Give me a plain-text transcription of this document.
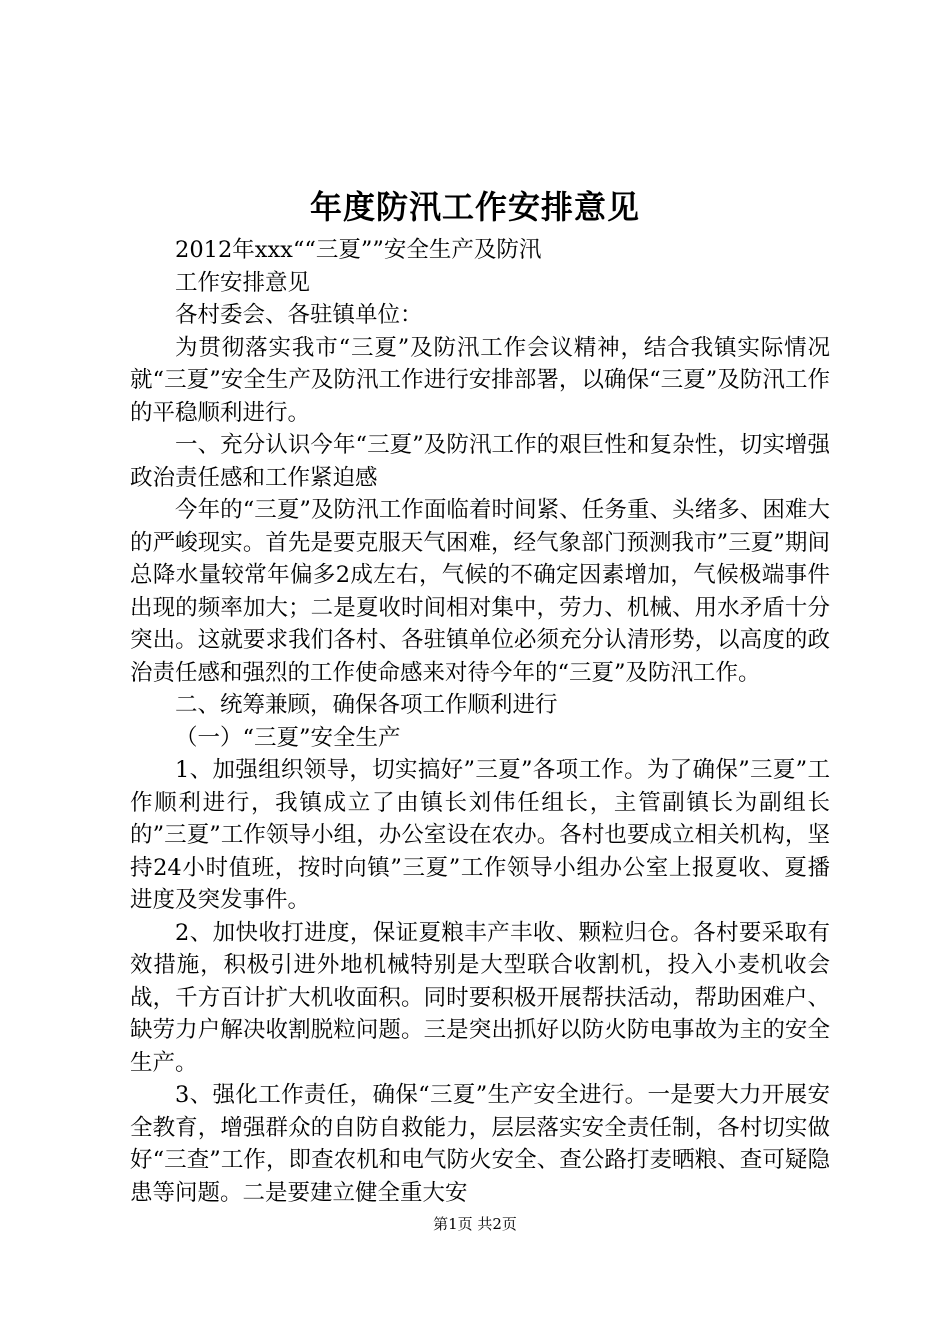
年度防汛工作安排意见

2012年xxx““三夏””安全生产及防汛

工作安排意见

各村委会、各驻镇单位：

为贯彻落实我市“三夏”及防汛工作会议精神，结合我镇实际情况就“三夏”安全生产及防汛工作进行安排部署，以确保“三夏”及防汛工作的平稳顺利进行。

一、充分认识今年“三夏”及防汛工作的艰巨性和复杂性，切实增强政治责任感和工作紧迫感

今年的“三夏”及防汛工作面临着时间紧、任务重、头绪多、困难大的严峻现实。首先是要克服天气困难，经气象部门预测我市”三夏”期间总降水量较常年偏多2成左右，气候的不确定因素增加，气候极端事件出现的频率加大；二是夏收时间相对集中，劳力、机械、用水矛盾十分突出。这就要求我们各村、各驻镇单位必须充分认清形势，以高度的政治责任感和强烈的工作使命感来对待今年的“三夏”及防汛工作。

二、统筹兼顾，确保各项工作顺利进行

（一）“三夏”安全生产

1、加强组织领导，切实搞好”三夏”各项工作。为了确保”三夏”工作顺利进行，我镇成立了由镇长刘伟任组长，主管副镇长为副组长的”三夏”工作领导小组，办公室设在农办。各村也要成立相关机构，坚持24小时值班，按时向镇”三夏”工作领导小组办公室上报夏收、夏播进度及突发事件。

2、加快收打进度，保证夏粮丰产丰收、颗粒归仓。各村要采取有效措施，积极引进外地机械特别是大型联合收割机，投入小麦机收会战，千方百计扩大机收面积。同时要积极开展帮扶活动，帮助困难户、缺劳力户解决收割脱粒问题。三是突出抓好以防火防电事故为主的安全生产。

3、强化工作责任，确保“三夏”生产安全进行。一是要大力开展安全教育，增强群众的自防自救能力，层层落实安全责任制，各村切实做好“三查”工作，即查农机和电气防火安全、查公路打麦晒粮、查可疑隐患等问题。二是要建立健全重大安

第1页 共2页
